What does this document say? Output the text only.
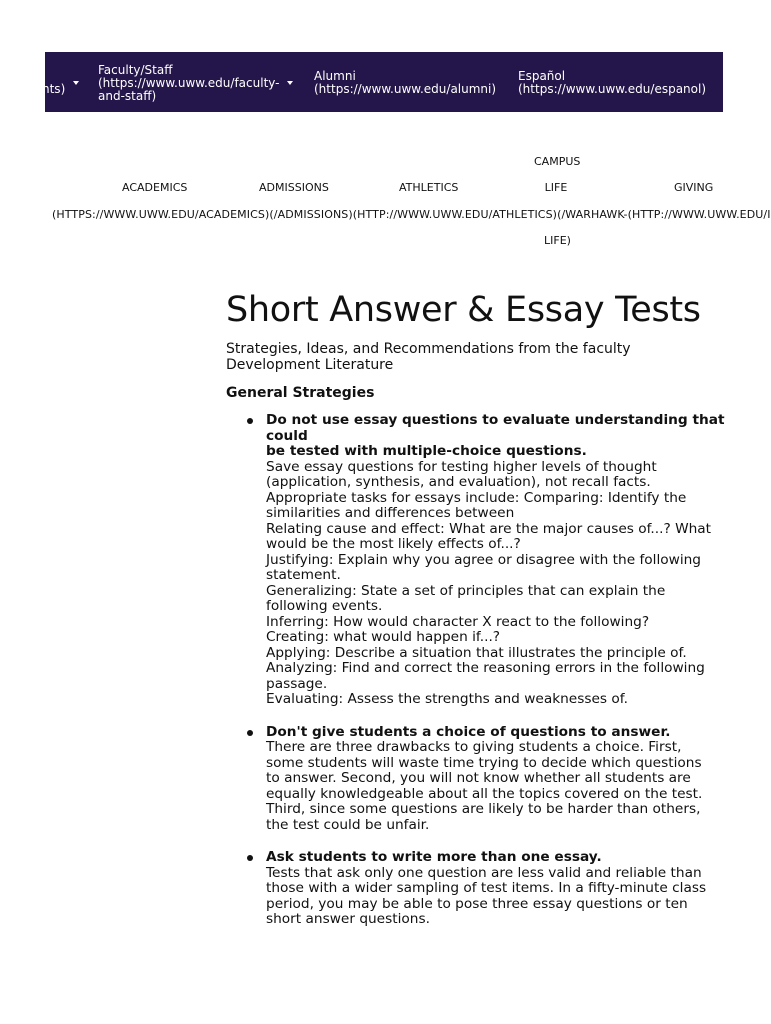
nts)
Faculty/Staff
(https://www.uww.edu/faculty-
and-staff)
Alumni
(https://www.uww.edu/alumni)
Español
(https://www.uww.edu/espanol)
ACADEMICS	ADMISSIONS	ATHLETICS
CAMPUS
LIFE	GIVING
(HTTPS://WWW.UWW.EDU/ACADEMICS)(/ADMISSIONS)(HTTP://WWW.UWW.EDU/ATHLETICS)(/WARHAWK-(HTTP://WWW.UWW.EDU/I
LIFE)
Short Answer & Essay Tests
Strategies, Ideas, and Recommendations from the faculty Development Literature
General Strategies
Do not use essay questions to evaluate understanding that could
be tested with multiple-choice questions.
Save essay questions for testing higher levels of thought
(application, synthesis, and evaluation), not recall facts.
Appropriate tasks for essays include: Comparing: Identify the
similarities and differences between
Relating cause and effect: What are the major causes of...? What
would be the most likely effects of...?
Justifying: Explain why you agree or disagree with the following
statement.
Generalizing: State a set of principles that can explain the
following events.
Inferring: How would character X react to the following?
Creating: what would happen if...?
Applying: Describe a situation that illustrates the principle of.
Analyzing: Find and correct the reasoning errors in the following
passage.
Evaluating: Assess the strengths and weaknesses of.
Don't give students a choice of questions to answer.
There are three drawbacks to giving students a choice. First,
some students will waste time trying to decide which questions
to answer. Second, you will not know whether all students are
equally knowledgeable about all the topics covered on the test.
Third, since some questions are likely to be harder than others,
the test could be unfair.
Ask students to write more than one essay.
Tests that ask only one question are less valid and reliable than
those with a wider sampling of test items. In a fifty-minute class
period, you may be able to pose three essay questions or ten
short answer questions.
